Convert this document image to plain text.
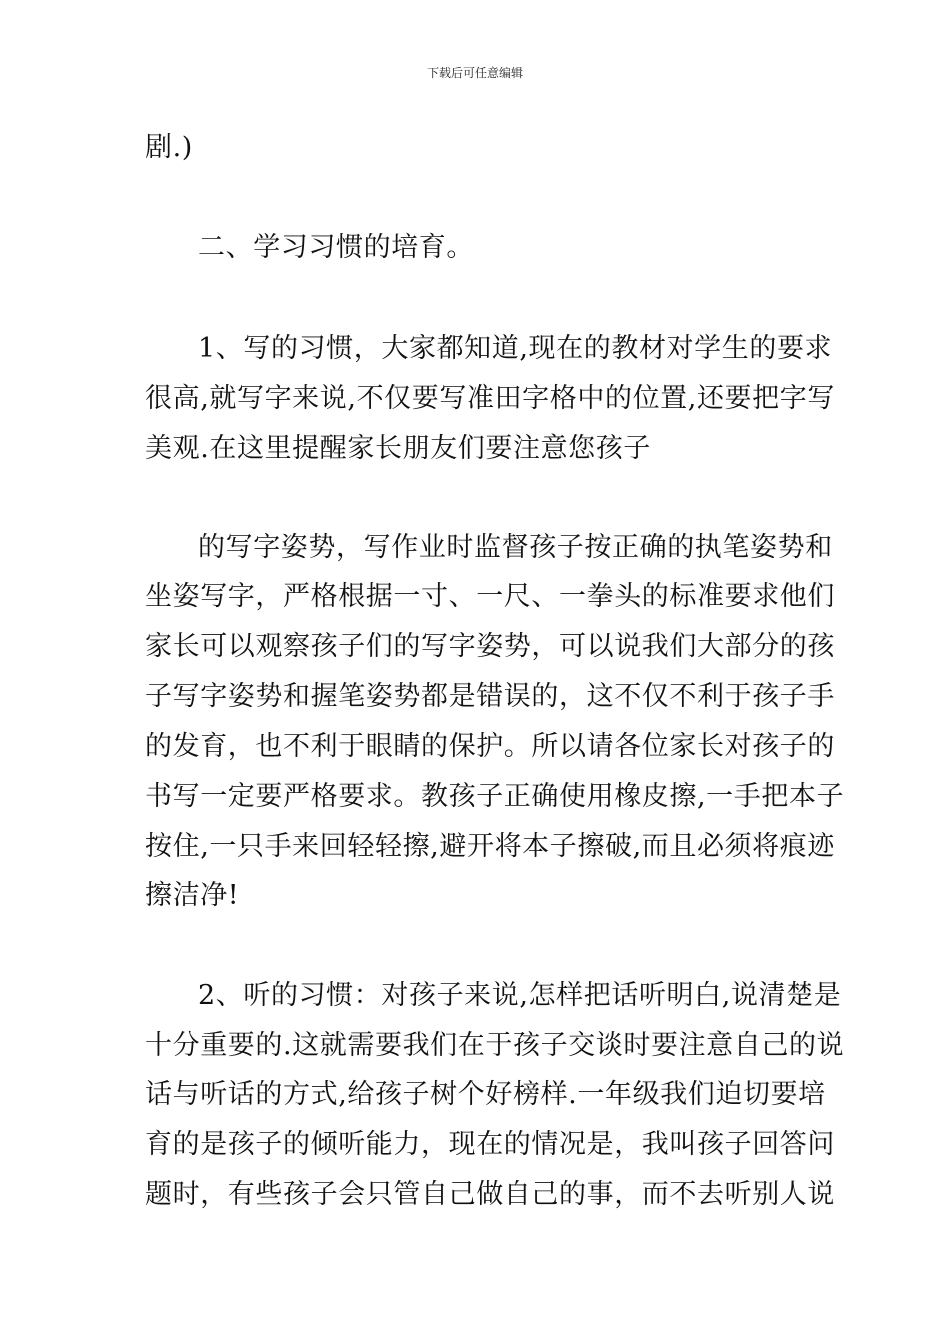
下载后可任意编辑
剧.)
二、学习习惯的培育。
1、写的习惯，大家都知道,现在的教材对学生的要求
很高,就写字来说,不仅要写准田字格中的位置,还要把字写
美观.在这里提醒家长朋友们要注意您孩子
的写字姿势，写作业时监督孩子按正确的执笔姿势和
坐姿写字，严格根据一寸、一尺、一拳头的标准要求他们
家长可以观察孩子们的写字姿势，可以说我们大部分的孩
子写字姿势和握笔姿势都是错误的，这不仅不利于孩子手
的发育，也不利于眼睛的保护。所以请各位家长对孩子的
书写一定要严格要求。教孩子正确使用橡皮擦,一手把本子
按住,一只手来回轻轻擦,避开将本子擦破,而且必须将痕迹
擦洁净!
2、听的习惯：对孩子来说,怎样把话听明白,说清楚是
十分重要的.这就需要我们在于孩子交谈时要注意自己的说
话与听话的方式,给孩子树个好榜样.一年级我们迫切要培
育的是孩子的倾听能力，现在的情况是，我叫孩子回答问
题时，有些孩子会只管自己做自己的事，而不去听别人说
